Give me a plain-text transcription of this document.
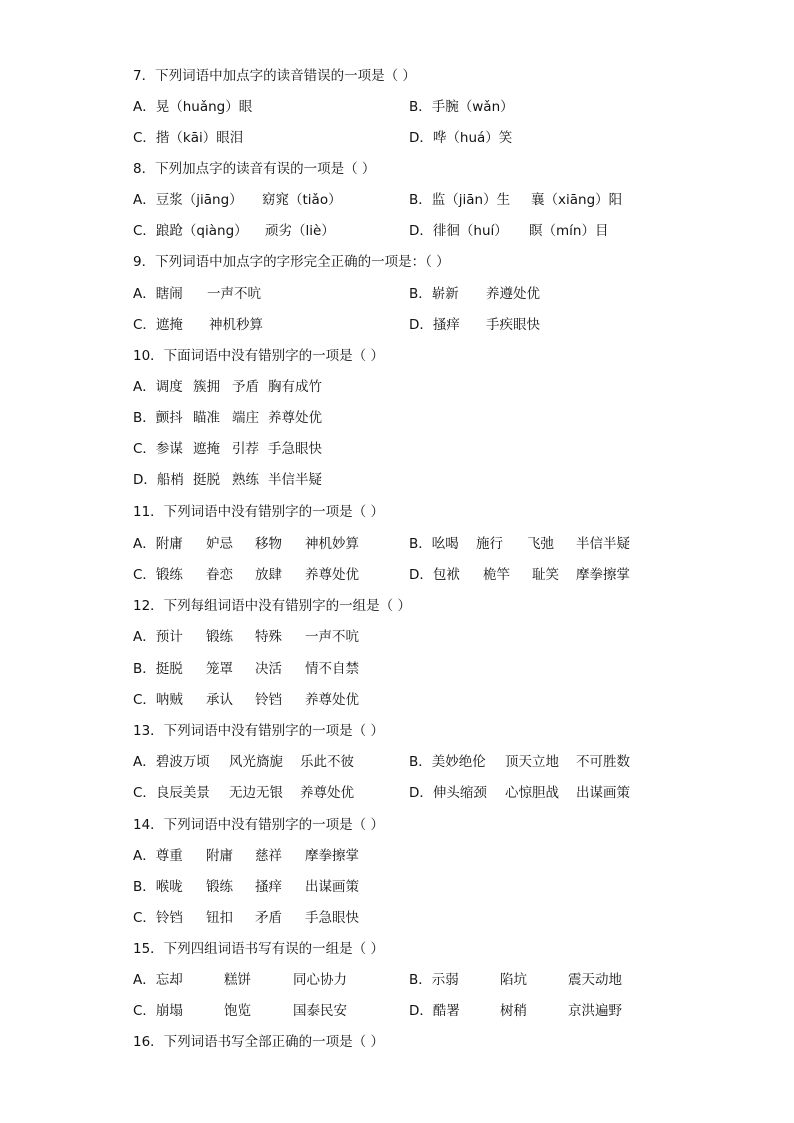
7．下列词语中加点字的读音错误的一项是（ ）
A．晃（huǎng）眼	B．手腕（wǎn）
C．揩（kāi）眼泪	D．哗（huá）笑
8．下列加点字的读音有误的一项是（ ）
A．豆浆（jiāng） 窈窕（tiǎo）	B．监（jiān）生 襄（xiāng）阳
C．踉跄（qiàng） 顽劣（liè）	D．徘徊（huí） 瞑（mín）目
9．下列词语中加点字的字形完全正确的一项是：（ ）
A．瞎闹 一声不吭	B．崭新 养遵处优
C．遮掩 神机秒算	D．搔痒 手疾眼快
10．下面词语中没有错别字的一项是（ ）
A．调度 簇拥 予盾 胸有成竹
B．颤抖 瞄准 端庄 养尊处优
C．参谋 遮掩 引荐 手急眼快
D．船梢 挺脱 熟练 半信半疑
11．下列词语中没有错别字的一项是（ ）
A．附庸 妒忌 移物 神机妙算	B．吆喝 施行 飞弛 半信半疑
C．锻练 眷恋 放肆 养尊处优	D．包袱 桅竿 耻笑 摩拳擦掌
12．下列每组词语中没有错别字的一组是（ ）
A．预计 锻练 特殊 一声不吭
B．挺脱 笼罩 决活 情不自禁
C．呐贼 承认 铃铛 养尊处优
13．下列词语中没有错别字的一项是（ ）
A．碧波万顷 风光旖旎 乐此不彼	B．美妙绝伦 顶天立地 不可胜数
C．良辰美景 无边无银 养尊处优	D．伸头缩颈 心惊胆战 出谋画策
14．下列词语中没有错别字的一项是（ ）
A．尊重 附庸 慈祥 摩拳擦掌
B．喉咙 锻练 搔痒 出谋画策
C．铃铛 钮扣 矛盾 手急眼快
15．下列四组词语书写有误的一组是（ ）
A．忘却	糕饼	同心协力	B．示弱	陷坑	震天动地
C．崩塌	饱览	国泰民安	D．酷署	树稍	京洪遍野
16．下列词语书写全部正确的一项是（ ）
